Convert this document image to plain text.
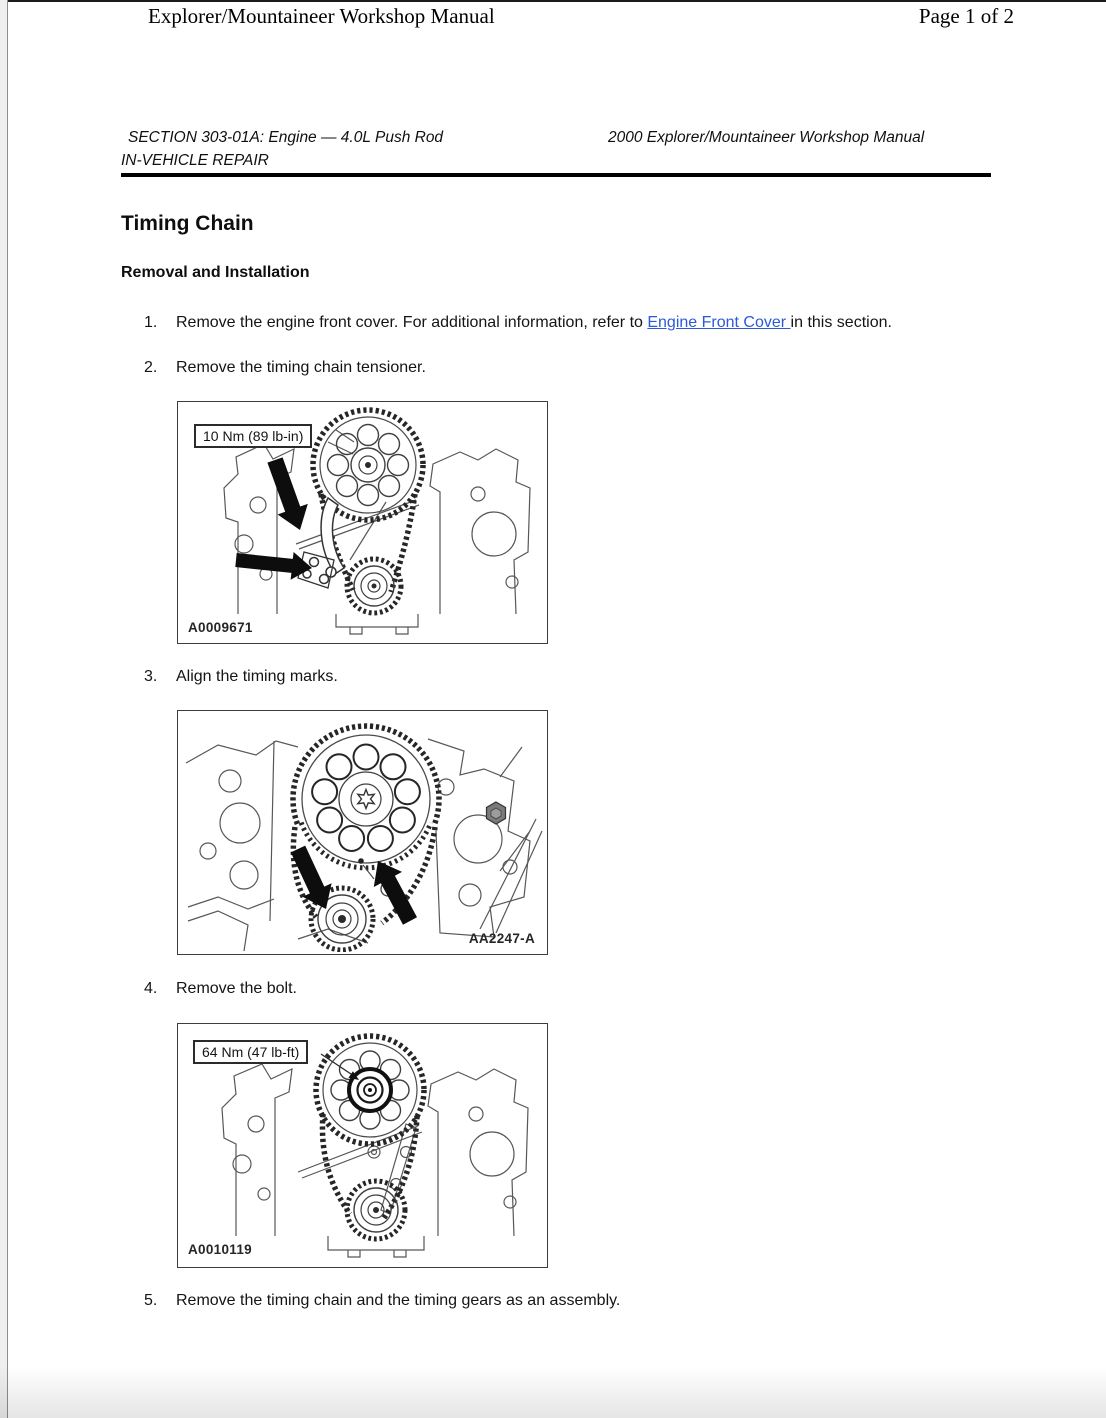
Explorer/Mountaineer Workshop Manual	Page 1 of 2
SECTION 303-01A: Engine — 4.0L Push Rod
IN-VEHICLE REPAIR
2000 Explorer/Mountaineer Workshop Manual
Timing Chain
Removal and Installation
1.	Remove the engine front cover. For additional information, refer to Engine Front Cover in this section.
2.	Remove the timing chain tensioner.
10 Nm (89 lb-in)
A0009671
3.	Align the timing marks.
AA2247-A
4.	Remove the bolt.
64 Nm (47 lb-ft)
A0010119
5.	Remove the timing chain and the timing gears as an assembly.
